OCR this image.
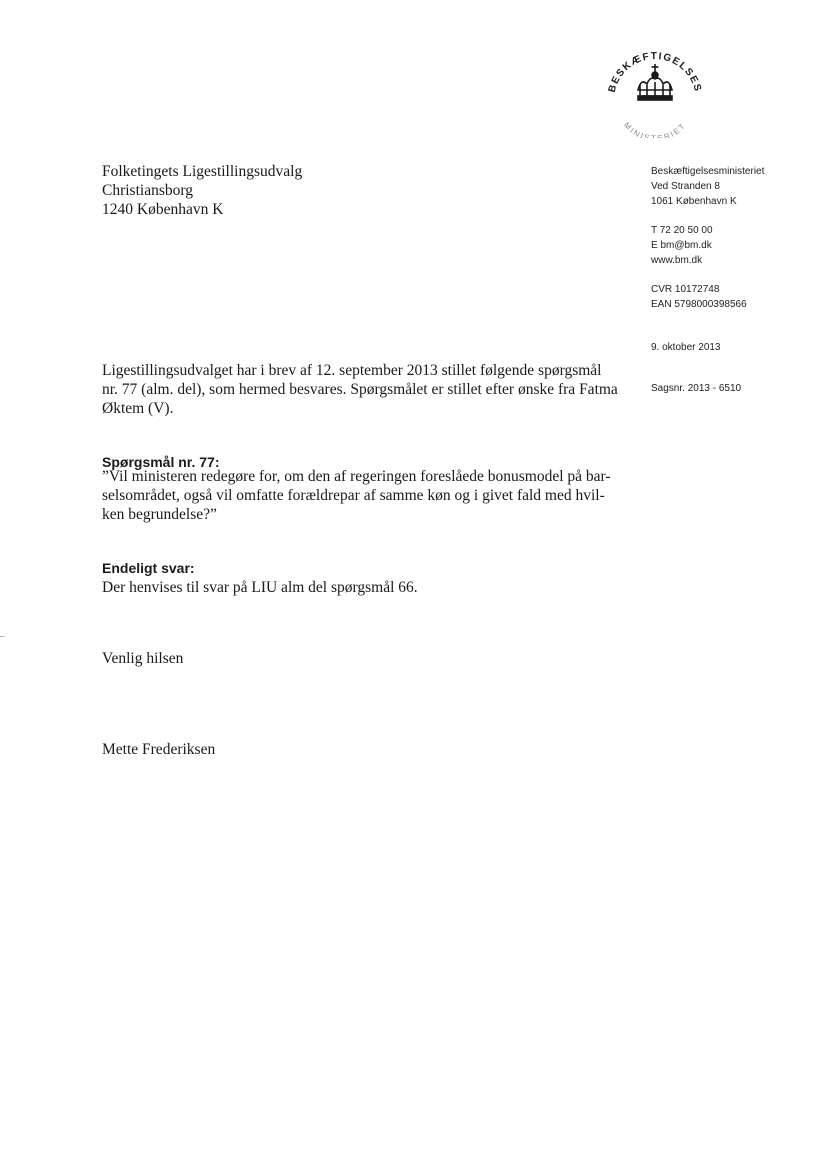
BESKÆFTIGELSES
MINIS RIET
Folketingets Ligestillingsudvalg
Christiansborg
1240 København K
Beskæftigelsesministeriet
Ved Stranden 8
1061 København K
T 72 20 50 00
E bm@bm.dk
www.bm.dk
CVR 10172748
EAN 5798000398566
9. oktober 2013
Sagsnr. 2013 - 6510
Ligestillingsudvalget har i brev af 12. september 2013 stillet følgende spørgsmål
nr. 77 (alm. del), som hermed besvares. Spørgsmålet er stillet efter ønske fra Fatma
Øktem (V).
Spørgsmål nr. 77:
”Vil ministeren redegøre for, om den af regeringen foreslåede bonusmodel på bar-
selsområdet, også vil omfatte forældrepar af samme køn og i givet fald med hvil-
ken begrundelse?”
Endeligt svar:
Der henvises til svar på LIU alm del spørgsmål 66.
Venlig hilsen
Mette Frederiksen
